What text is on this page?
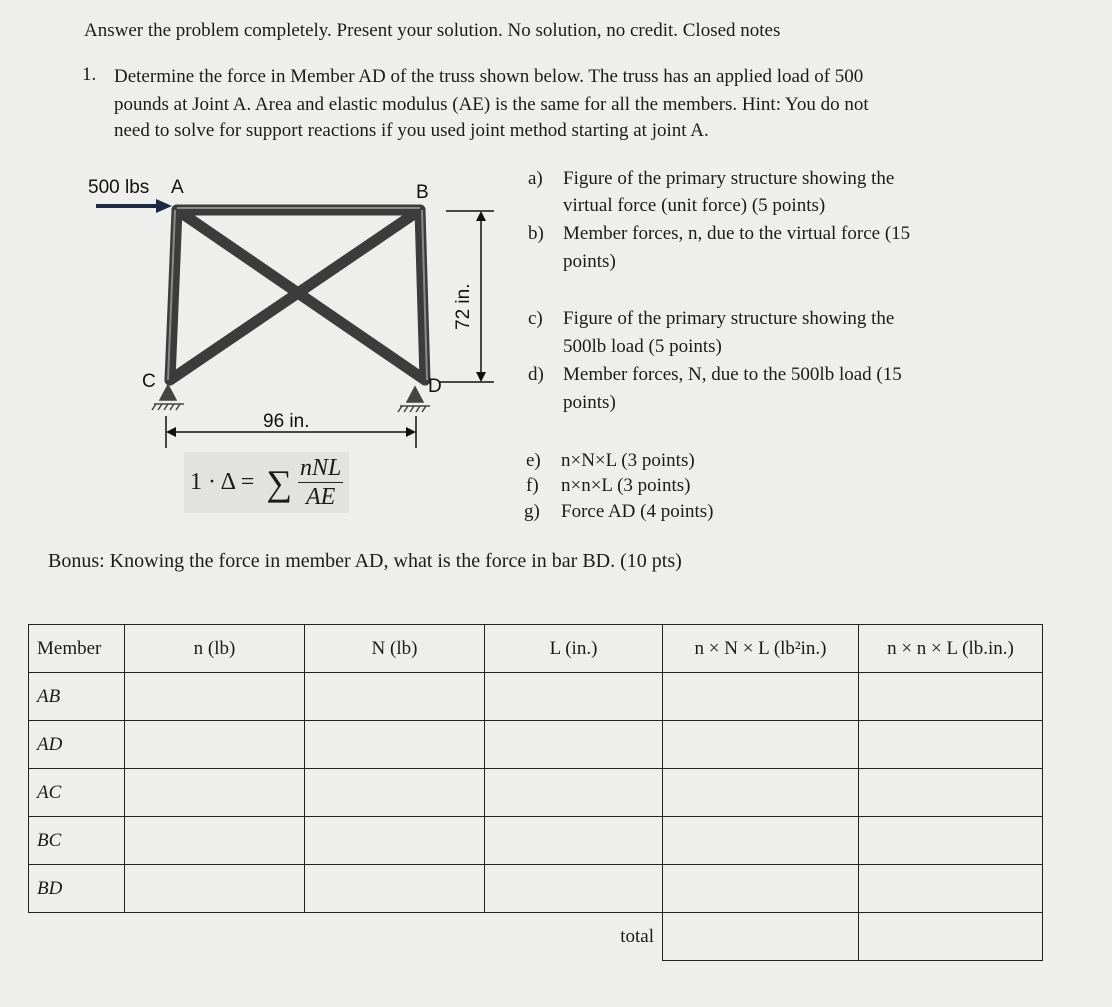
Answer the problem completely. Present your solution. No solution, no credit. Closed notes
1. Determine the force in Member AD of the truss shown below. The truss has an applied load of 500
pounds at Joint A. Area and elastic modulus (AE) is the same for all the members. Hint: You do not
need to solve for support reactions if you used joint method starting at joint A.
500 lbs A	B
C	D
72 in.
96 in.
1 · Δ = ∑ $\frac{\text{nNL}}{AE}$
a) Figure of the primary structure showing the
virtual force (unit force) (5 points)
b) Member forces, n, due to the virtual force (15
points)
c) Figure of the primary structure showing the
500lb load (5 points)
d) Member forces, N, due to the 500lb load (15
points)
e) n×N×L (3 points)
f) n×n×L (3 points)
g) Force AD (4 points)
Bonus: Knowing the force in member AD, what is the force in bar BD. (10 pts)
Member	n (lb)	N (lb)	L (in.)	n × N × L (lb²in.)	n × n × L (lb.in.)
AB					
AD					
AC					
BC					
BD					
			total		
